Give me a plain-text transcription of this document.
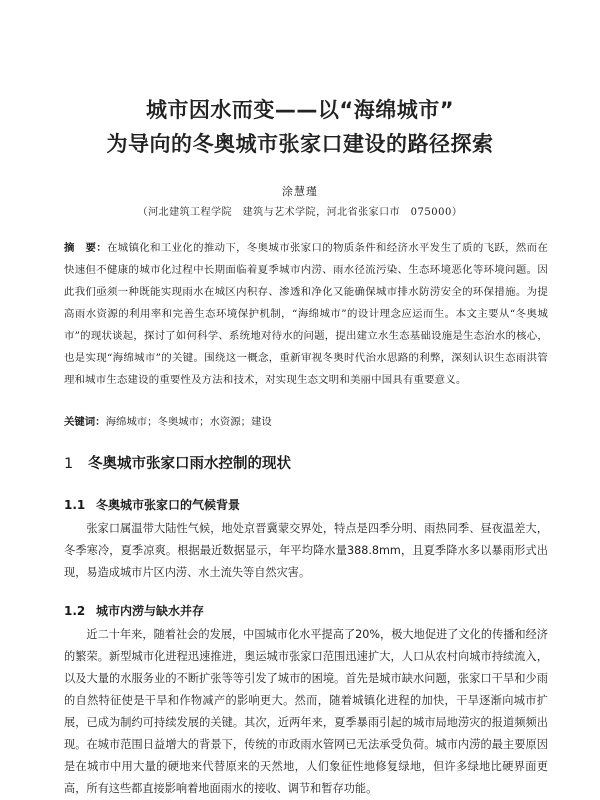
城市因水而变——以“海绵城市”
为导向的冬奥城市张家口建设的路径探索
涂慧瑾
（河北建筑工程学院　建筑与艺术学院，河北省张家口市　075000）

摘　要：在城镇化和工业化的推动下，冬奥城市张家口的物质条件和经济水平发生了质的飞跃，然而在快速但不健康的城市化过程中长期面临着夏季城市内涝、雨水径流污染、生态环境恶化等环境问题。因此我们亟须一种既能实现雨水在城区内积存、渗透和净化又能确保城市排水防涝安全的环保措施。为提高雨水资源的利用率和完善生态环境保护机制，“海绵城市”的设计理念应运而生。本文主要从“冬奥城市”的现状谈起，探讨了如何科学、系统地对待水的问题，提出建立水生态基础设施是生态治水的核心，也是实现“海绵城市”的关键。围绕这一概念，重新审视冬奥时代治水思路的利弊，深刻认识生态雨洪管理和城市生态建设的重要性及方法和技术，对实现生态文明和美丽中国具有重要意义。

关键词：海绵城市；冬奥城市；水资源；建设

1 冬奥城市张家口雨水控制的现状
1.1 冬奥城市张家口的气候背景

张家口属温带大陆性气候，地处京晋冀蒙交界处，特点是四季分明、雨热同季、昼夜温差大，冬季寒冷，夏季凉爽。根据最近数据显示，年平均降水量388.8mm，且夏季降水多以暴雨形式出现，易造成城市片区内涝、水土流失等自然灾害。

1.2 城市内涝与缺水并存

近二十年来，随着社会的发展，中国城市化水平提高了20%，极大地促进了文化的传播和经济的繁荣。新型城市化进程迅速推进，奥运城市张家口范围迅速扩大，人口从农村向城市持续流入，以及大量的水服务业的不断扩张等等引发了城市的困境。首先是城市缺水问题，张家口干旱和少雨的自然特征使是干旱和作物减产的影响更大。然而，随着城镇化进程的加快，干旱逐渐向城市扩展，已成为制约可持续发展的关键。其次，近两年来，夏季暴雨引起的城市局地涝灾的报道频频出现。在城市范围日益增大的背景下，传统的市政雨水管网已无法承受负荷。城市内涝的最主要原因是在城市中用大量的硬地来代替原来的天然地，人们象征性地修复绿地，但许多绿地比硬界面更高，所有这些都直接影响着地面雨水的接收、调节和暂存功能。
